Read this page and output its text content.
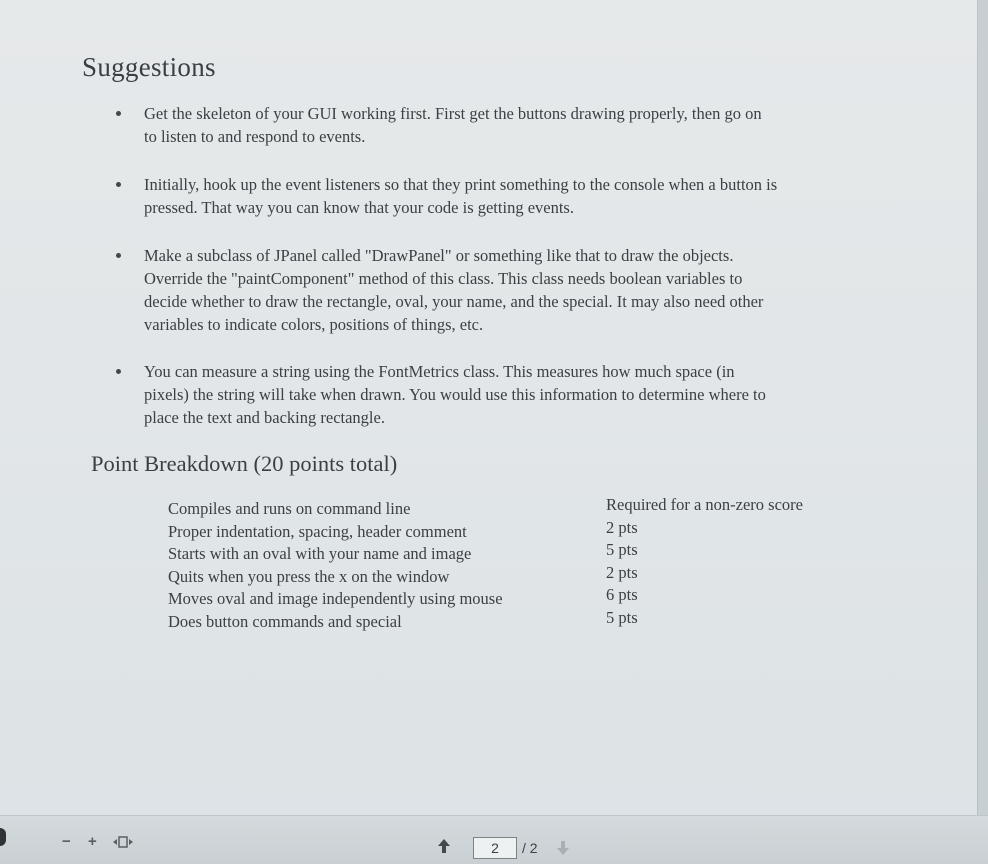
Suggestions
Get the skeleton of your GUI working first. First get the buttons drawing properly, then go on
to listen to and respond to events.
Initially, hook up the event listeners so that they print something to the console when a button is
pressed. That way you can know that your code is getting events.
Make a subclass of JPanel called "DrawPanel" or something like that to draw the objects.
Override the "paintComponent" method of this class. This class needs boolean variables to
decide whether to draw the rectangle, oval, your name, and the special. It may also need other
variables to indicate colors, positions of things, etc.
You can measure a string using the FontMetrics class. This measures how much space (in
pixels) the string will take when drawn. You would use this information to determine where to
place the text and backing rectangle.
Point Breakdown (20 points total)
Compiles and runs on command line
Proper indentation, spacing, header comment
Starts with an oval with your name and image
Quits when you press the x on the window
Moves oval and image independently using mouse
Does button commands and special
Required for a non-zero score
2 pts
5 pts
2 pts
6 pts
5 pts
− +	2	/ 2
